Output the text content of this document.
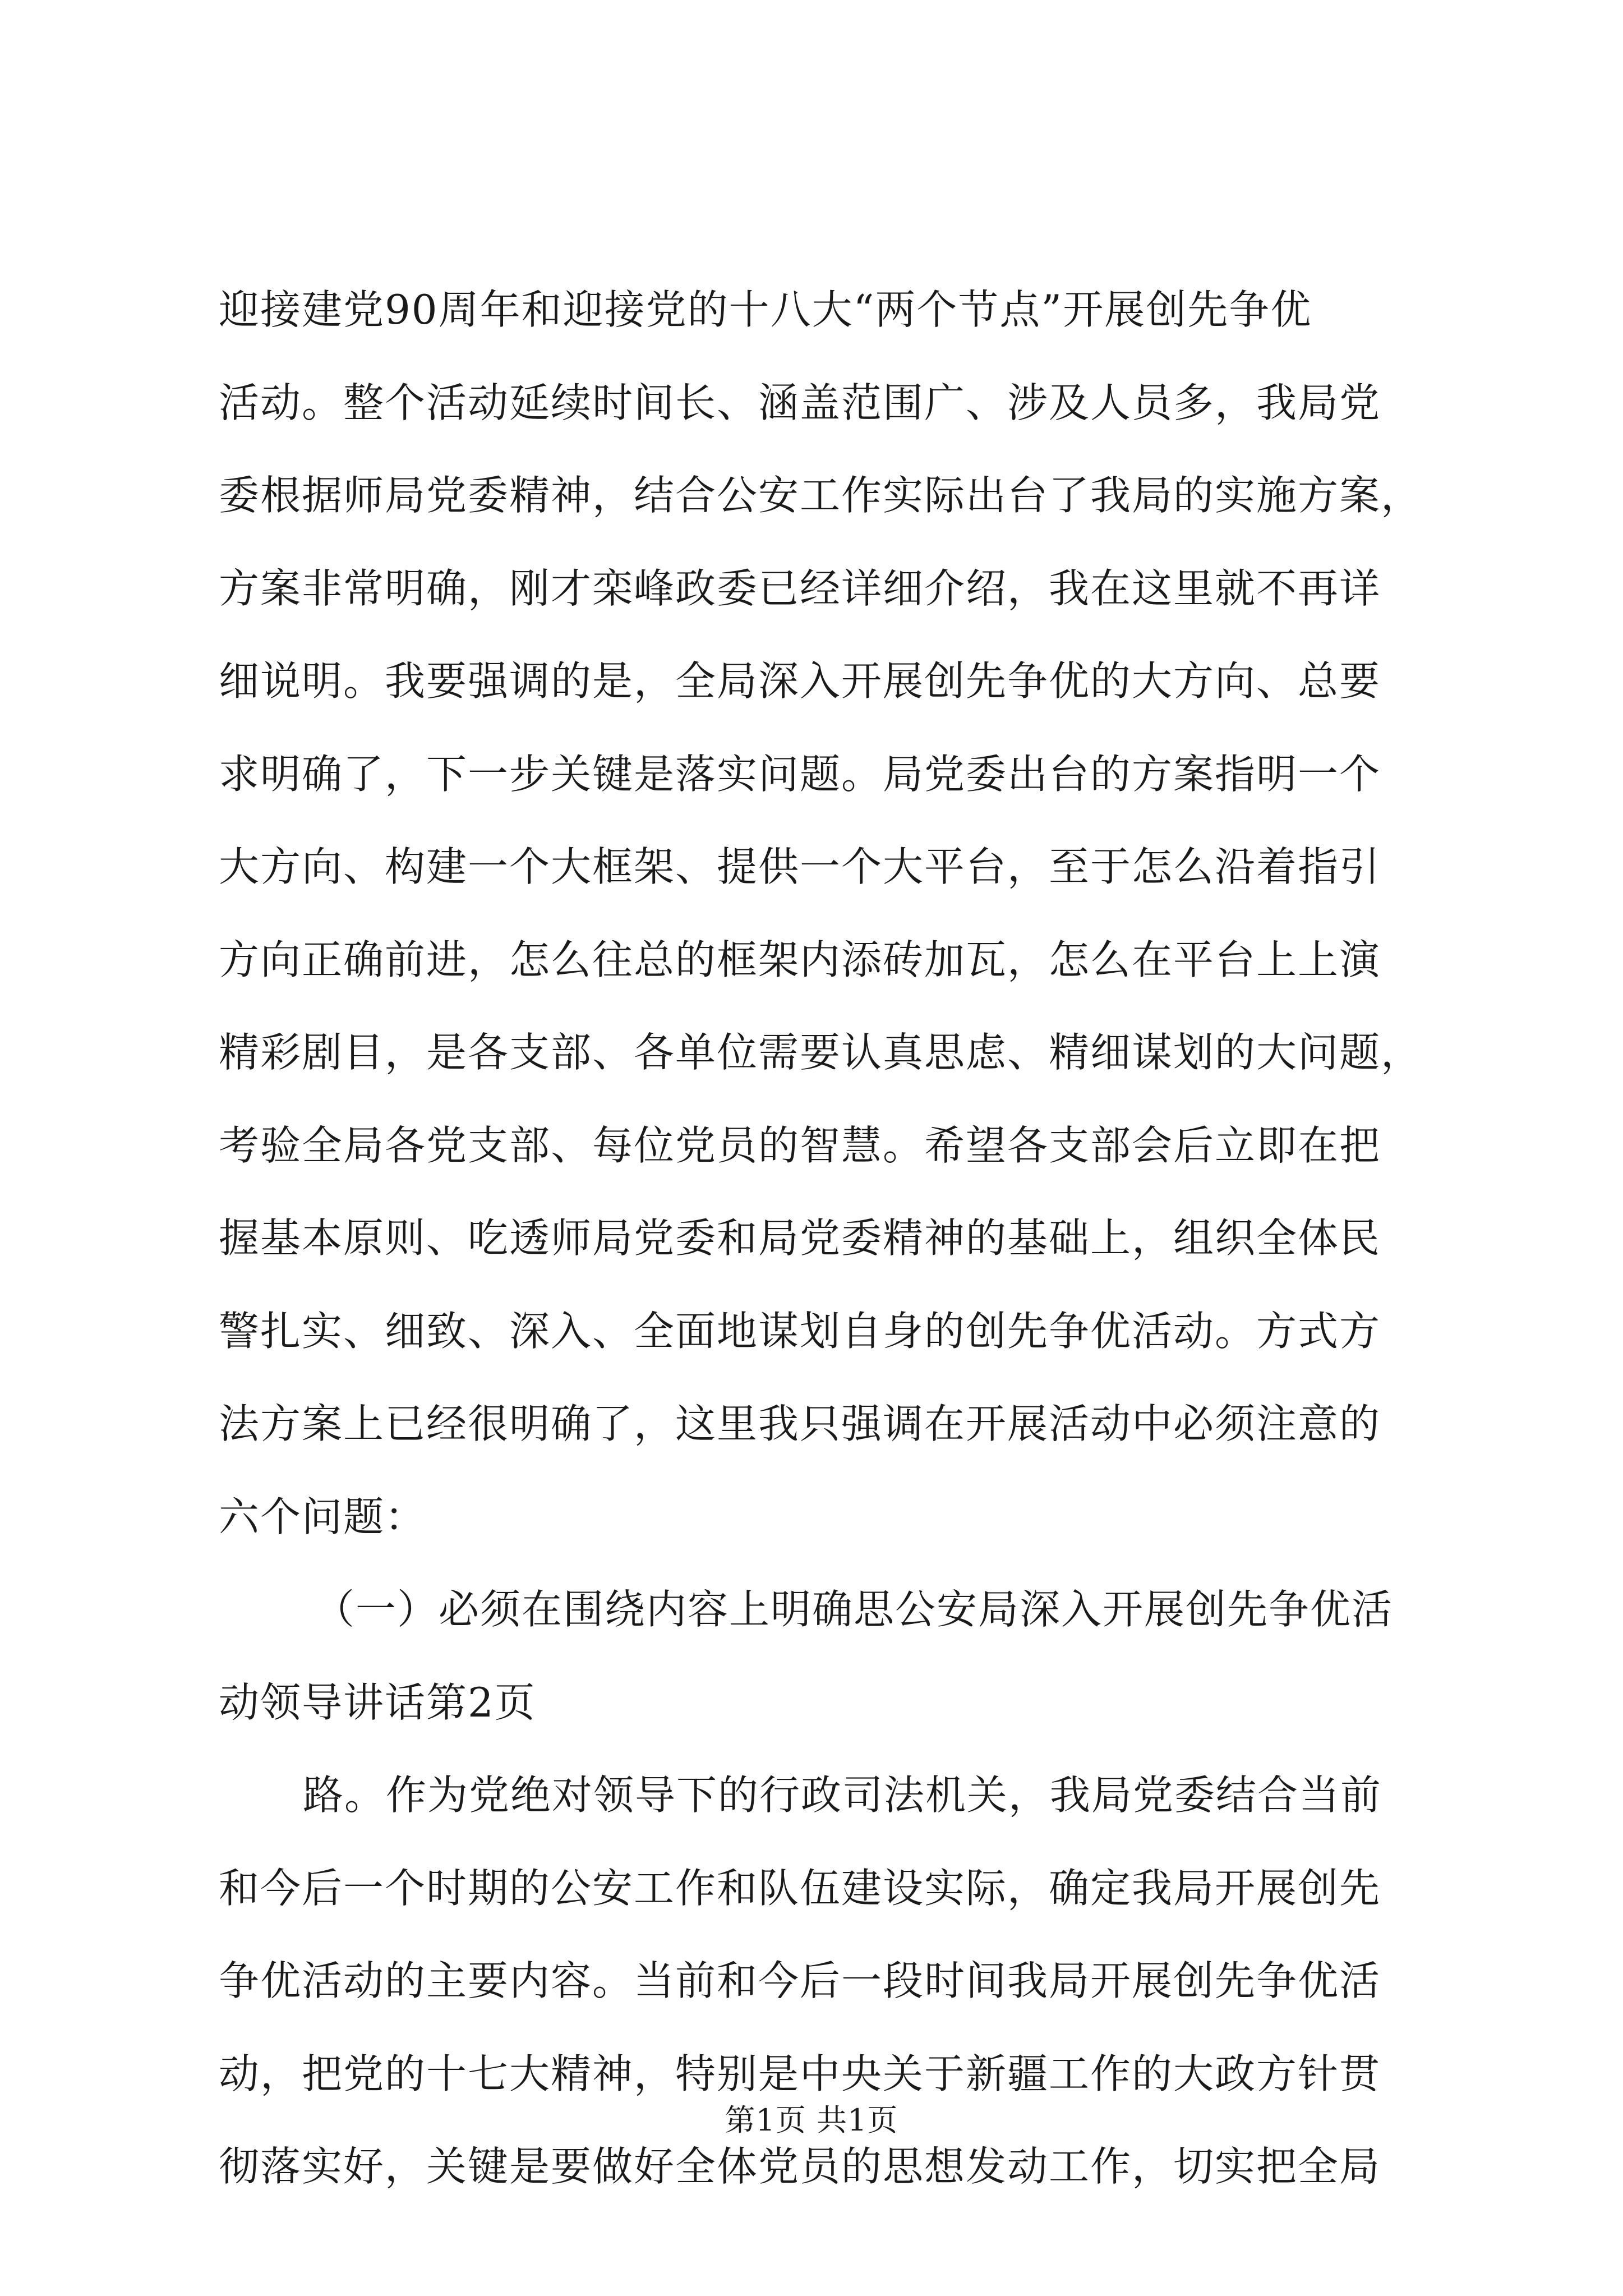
迎接建党90周年和迎接党的十八大“两个节点”开展创先争优
活动。整个活动延续时间长、涵盖范围广、涉及人员多，我局党
委根据师局党委精神，结合公安工作实际出台了我局的实施方案，
方案非常明确，刚才栾峰政委已经详细介绍，我在这里就不再详
细说明。我要强调的是，全局深入开展创先争优的大方向、总要
求明确了，下一步关键是落实问题。局党委出台的方案指明一个
大方向、构建一个大框架、提供一个大平台，至于怎么沿着指引
方向正确前进，怎么往总的框架内添砖加瓦，怎么在平台上上演
精彩剧目，是各支部、各单位需要认真思虑、精细谋划的大问题，
考验全局各党支部、每位党员的智慧。希望各支部会后立即在把
握基本原则、吃透师局党委和局党委精神的基础上，组织全体民
警扎实、细致、深入、全面地谋划自身的创先争优活动。方式方
法方案上已经很明确了，这里我只强调在开展活动中必须注意的
六个问题：
（一）必须在围绕内容上明确思公安局深入开展创先争优活
动领导讲话第2页
路。作为党绝对领导下的行政司法机关，我局党委结合当前
和今后一个时期的公安工作和队伍建设实际，确定我局开展创先
争优活动的主要内容。当前和今后一段时间我局开展创先争优活
动，把党的十七大精神，特别是中央关于新疆工作的大政方针贯
彻落实好，关键是要做好全体党员的思想发动工作，切实把全局
第1页 共1页
